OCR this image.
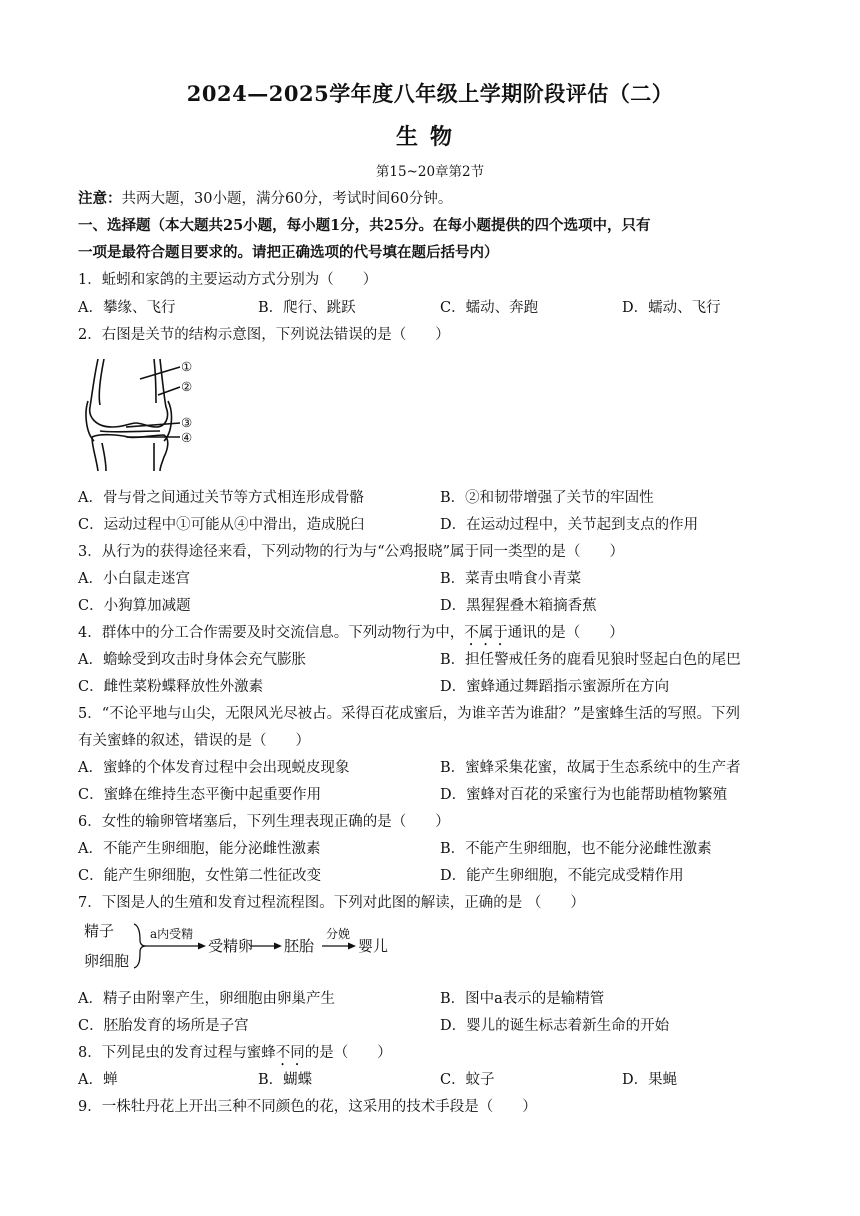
2024—2025学年度八年级上学期阶段评估（二）
生物
第15~20章第2节
注意：共两大题，30小题，满分60分，考试时间60分钟。
一、选择题（本大题共25小题，每小题1分，共25分。在每小题提供的四个选项中，只有
一项是最符合题目要求的。请把正确选项的代号填在题后括号内）
1．蚯蚓和家鸽的主要运动方式分别为（　　）
A．攀缘、飞行	B．爬行、跳跃	C．蠕动、奔跑	D．蠕动、飞行
2．右图是关节的结构示意图，下列说法错误的是（　　）
①
②
③
④
A．骨与骨之间通过关节等方式相连形成骨骼	B．②和韧带增强了关节的牢固性
C．运动过程中①可能从④中滑出，造成脱臼	D．在运动过程中，关节起到支点的作用
3．从行为的获得途径来看，下列动物的行为与“公鸡报晓”属于同一类型的是（　　）
A．小白鼠走迷宫	B．菜青虫啃食小青菜
C．小狗算加减题	D．黑猩猩叠木箱摘香蕉
4．群体中的分工合作需要及时交流信息。下列动物行为中，不属于通讯的是（　　）
A．蟾蜍受到攻击时身体会充气膨胀	B．担任警戒任务的鹿看见狼时竖起白色的尾巴
C．雌性菜粉蝶释放性外激素	D．蜜蜂通过舞蹈指示蜜源所在方向
5．“不论平地与山尖，无限风光尽被占。采得百花成蜜后，为谁辛苦为谁甜？”是蜜蜂生活的写照。下列
有关蜜蜂的叙述，错误的是（　　）
A．蜜蜂的个体发育过程中会出现蜕皮现象	B．蜜蜂采集花蜜，故属于生态系统中的生产者
C．蜜蜂在维持生态平衡中起重要作用	D．蜜蜂对百花的采蜜行为也能帮助植物繁殖
6．女性的输卵管堵塞后，下列生理表现正确的是（　　）
A．不能产生卵细胞，能分泌雌性激素	B．不能产生卵细胞，也不能分泌雌性激素
C．能产生卵细胞，女性第二性征改变	D．能产生卵细胞，不能完成受精作用
7．下图是人的生殖和发育过程流程图。下列对此图的解读，正确的是 （　　）
精子
卵细胞
受精卵 胚胎	婴儿
a内受精	分娩
A．精子由附睾产生，卵细胞由卵巢产生	B．图中a表示的是输精管
C．胚胎发育的场所是子宫	D．婴儿的诞生标志着新生命的开始
8．下列昆虫的发育过程与蜜蜂不同的是（　　）
A．蝉	B．蝴蝶	C．蚊子	D．果蝇
9．一株牡丹花上开出三种不同颜色的花，这采用的技术手段是（　　）
